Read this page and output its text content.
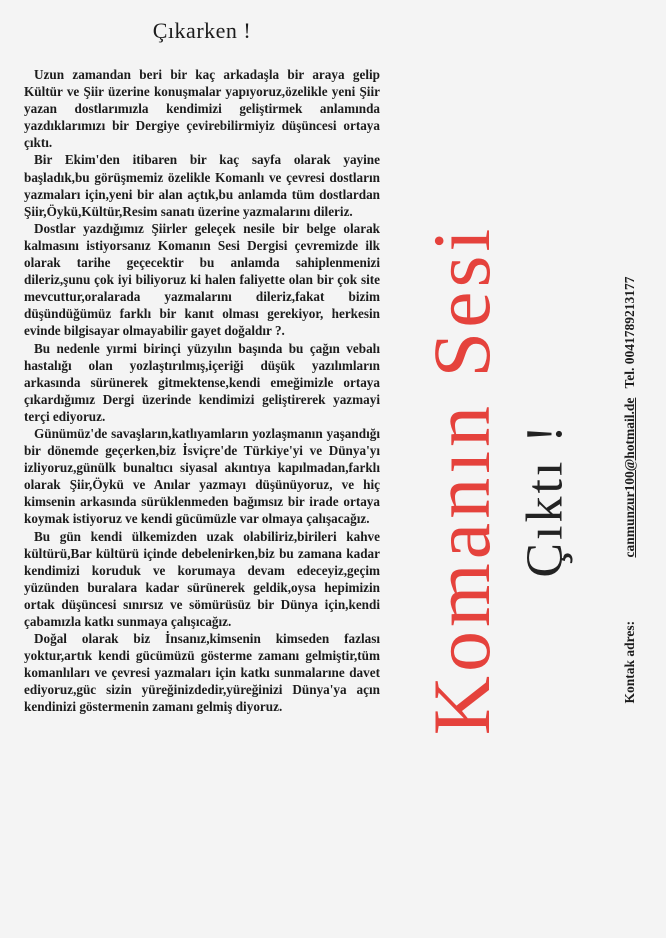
Çıkarken !

Uzun zamandan beri bir kaç arkadaşla bir araya gelip Kültür ve Şiir üzerine konuşmalar yapıyoruz,özelikle yeni Şiir yazan dostlarımızla kendimizi geliştirmek anlamında yazdıklarımızı bir Dergiye çevirebilirmiyiz düşüncesi ortaya çıktı.

Bir Ekim'den itibaren bir kaç sayfa olarak yayine başladık,bu görüşmemiz özelikle Komanlı ve çevresi dostların yazmaları için,yeni bir alan açtık,bu anlamda tüm dostlardan Şiir,Öykü,Kültür,Resim sanatı üzerine yazmalarını dileriz.

Dostlar yazdığımız Şiirler geleçek nesile bir belge olarak kalmasını istiyorsanız Komanın Sesi Dergisi çevremizde ilk olarak tarihe geçecektir bu anlamda sahiplenmenizi dileriz,şunu çok iyi biliyoruz ki halen faliyette olan bir çok site mevcuttur,oralarada yazmalarını dileriz,fakat bizim düşündüğümüz farklı bir kanıt olması gerekiyor, herkesin evinde bilgisayar olmayabilir gayet doğaldır ?.

Bu nedenle yırmi birinçi yüzyılın başında bu çağın vebalı hastalığı olan yozlaştırılmış,içeriği düşük yazılımların arkasında sürünerek gitmektense,kendi emeğimizle ortaya çıkardığımız Dergi üzerinde kendimizi geliştirerek yazmayi terçi ediyoruz.

Günümüz'de savaşların,katlıyamların yozlaşmanın yaşandığı bir dönemde geçerken,biz İsviçre'de Türkiye'yi ve Dünya'yı izliyoruz,günülk bunaltıcı siyasal akıntıya kapılmadan,farklı olarak Şiir,Öykü ve Anılar yazmayı düşünüyoruz, ve hiç kimsenin arkasında sürüklenmeden bağımsız bir irade ortaya koymak istiyoruz ve kendi gücümüzle var olmaya çalışacağız.

Bu gün kendi ülkemizden uzak olabiliriz,birileri kahve kültürü,Bar kültürü içinde debelenirken,biz bu zamana kadar kendimizi koruduk ve korumaya devam edeceyiz,geçim yüzünden buralara kadar sürünerek geldik,oysa hepimizin ortak düşüncesi sınırsız ve sömürüsüz bir Dünya için,kendi çabamızla katkı sunmaya çalışıcağız.

Doğal olarak biz İnsanız,kimsenin kimseden fazlası yoktur,artık kendi gücümüzü gösterme zamanı gelmiştir,tüm komanlıları ve çevresi yazmaları için katkı sunmalarıne davet ediyoruz,güc sizin yüreğinizdedir,yüreğinizi Dünya'ya açın kendinizi göstermenin zamanı gelmiş diyoruz.	Komanın Sesi Çıktı !
Kontak adres: canmunzur100@hotmail.de Tel. 0041789213177
